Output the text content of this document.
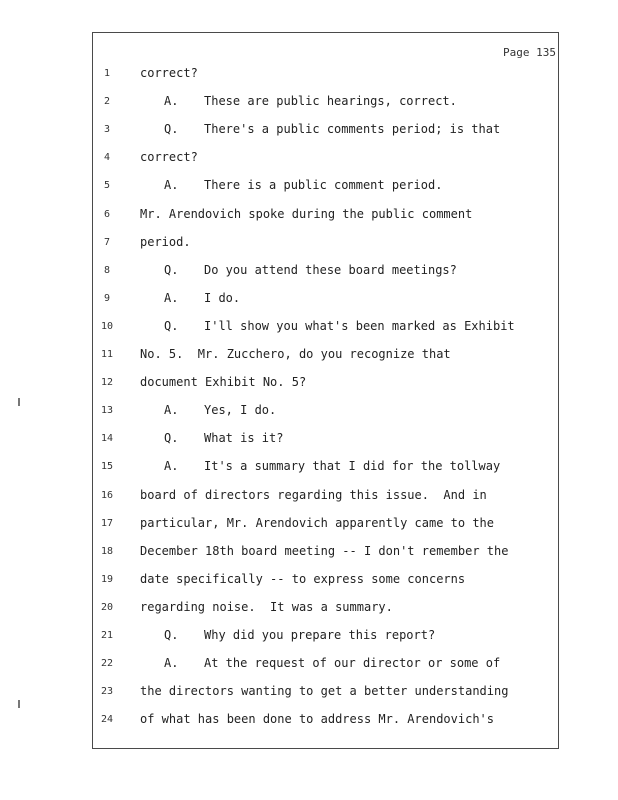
Page 135
1	correct?
2	A. These are public hearings, correct.
3	Q. There's a public comments period; is that
4	correct?
5	A. There is a public comment period.
6	Mr. Arendovich spoke during the public comment
7	period.
8	Q. Do you attend these board meetings?
9	A. I do.
10	Q. I'll show you what's been marked as Exhibit
11	No. 5.  Mr. Zucchero, do you recognize that
12	document Exhibit No. 5?
13	A. Yes, I do.
14	Q. What is it?
15	A. It's a summary that I did for the tollway
16	board of directors regarding this issue.  And in
17	particular, Mr. Arendovich apparently came to the
18	December 18th board meeting -- I don't remember the
19	date specifically -- to express some concerns
20	regarding noise.  It was a summary.
21	Q. Why did you prepare this report?
22	A. At the request of our director or some of
23	the directors wanting to get a better understanding
24	of what has been done to address Mr. Arendovich's
